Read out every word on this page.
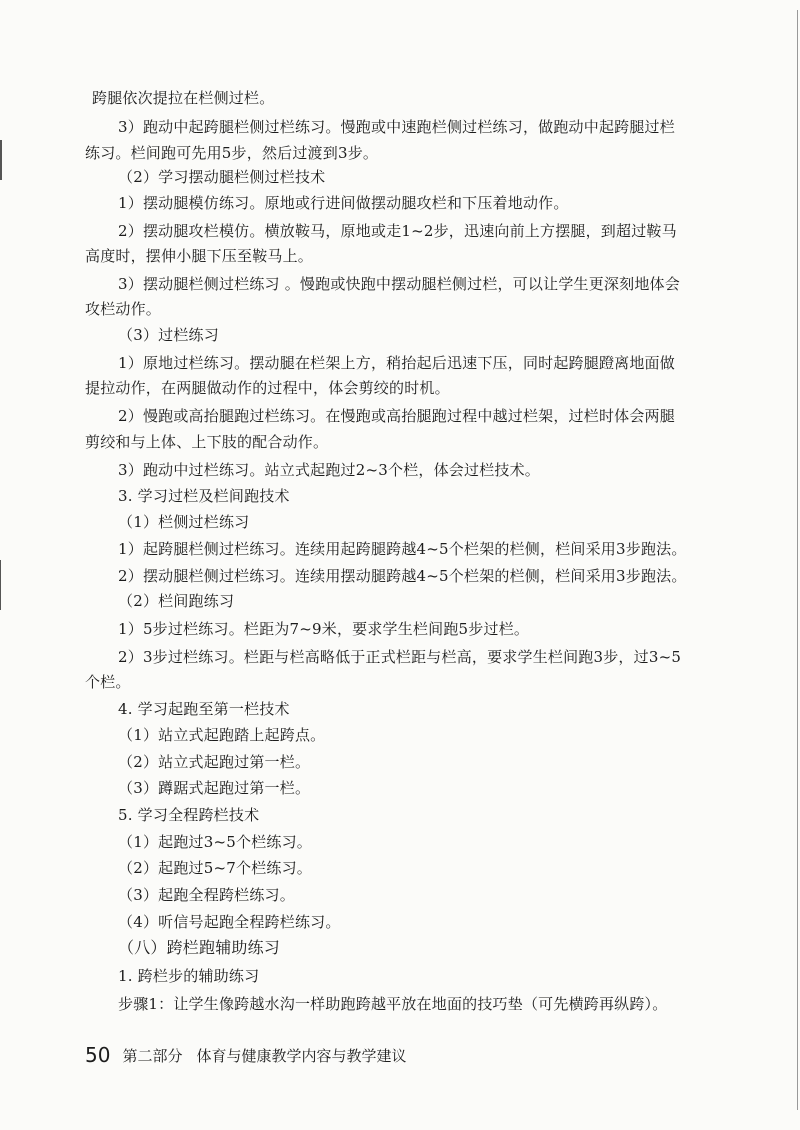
跨腿依次提拉在栏侧过栏。
3）跑动中起跨腿栏侧过栏练习。慢跑或中速跑栏侧过栏练习，做跑动中起跨腿过栏
练习。栏间跑可先用5步，然后过渡到3步。
（2）学习摆动腿栏侧过栏技术
1）摆动腿模仿练习。原地或行进间做摆动腿攻栏和下压着地动作。
2）摆动腿攻栏模仿。横放鞍马，原地或走1~2步，迅速向前上方摆腿，到超过鞍马
高度时，摆伸小腿下压至鞍马上。
3）摆动腿栏侧过栏练习 。慢跑或快跑中摆动腿栏侧过栏，可以让学生更深刻地体会
攻栏动作。
（3）过栏练习
1）原地过栏练习。摆动腿在栏架上方，稍抬起后迅速下压，同时起跨腿蹬离地面做
提拉动作，在两腿做动作的过程中，体会剪绞的时机。
2）慢跑或高抬腿跑过栏练习。在慢跑或高抬腿跑过程中越过栏架，过栏时体会两腿
剪绞和与上体、上下肢的配合动作。
3）跑动中过栏练习。站立式起跑过2~3个栏，体会过栏技术。
3. 学习过栏及栏间跑技术
（1）栏侧过栏练习
1）起跨腿栏侧过栏练习。连续用起跨腿跨越4~5个栏架的栏侧，栏间采用3步跑法。
2）摆动腿栏侧过栏练习。连续用摆动腿跨越4~5个栏架的栏侧，栏间采用3步跑法。
（2）栏间跑练习
1）5步过栏练习。栏距为7~9米，要求学生栏间跑5步过栏。
2）3步过栏练习。栏距与栏高略低于正式栏距与栏高，要求学生栏间跑3步，过3~5
个栏。
4. 学习起跑至第一栏技术
（1）站立式起跑踏上起跨点。
（2）站立式起跑过第一栏。
（3）蹲踞式起跑过第一栏。
5. 学习全程跨栏技术
（1）起跑过3~5个栏练习。
（2）起跑过5~7个栏练习。
（3）起跑全程跨栏练习。
（4）听信号起跑全程跨栏练习。
（八）跨栏跑辅助练习
1. 跨栏步的辅助练习
步骤1：让学生像跨越水沟一样助跑跨越平放在地面的技巧垫（可先横跨再纵跨）。
50 第二部分 体育与健康教学内容与教学建议
